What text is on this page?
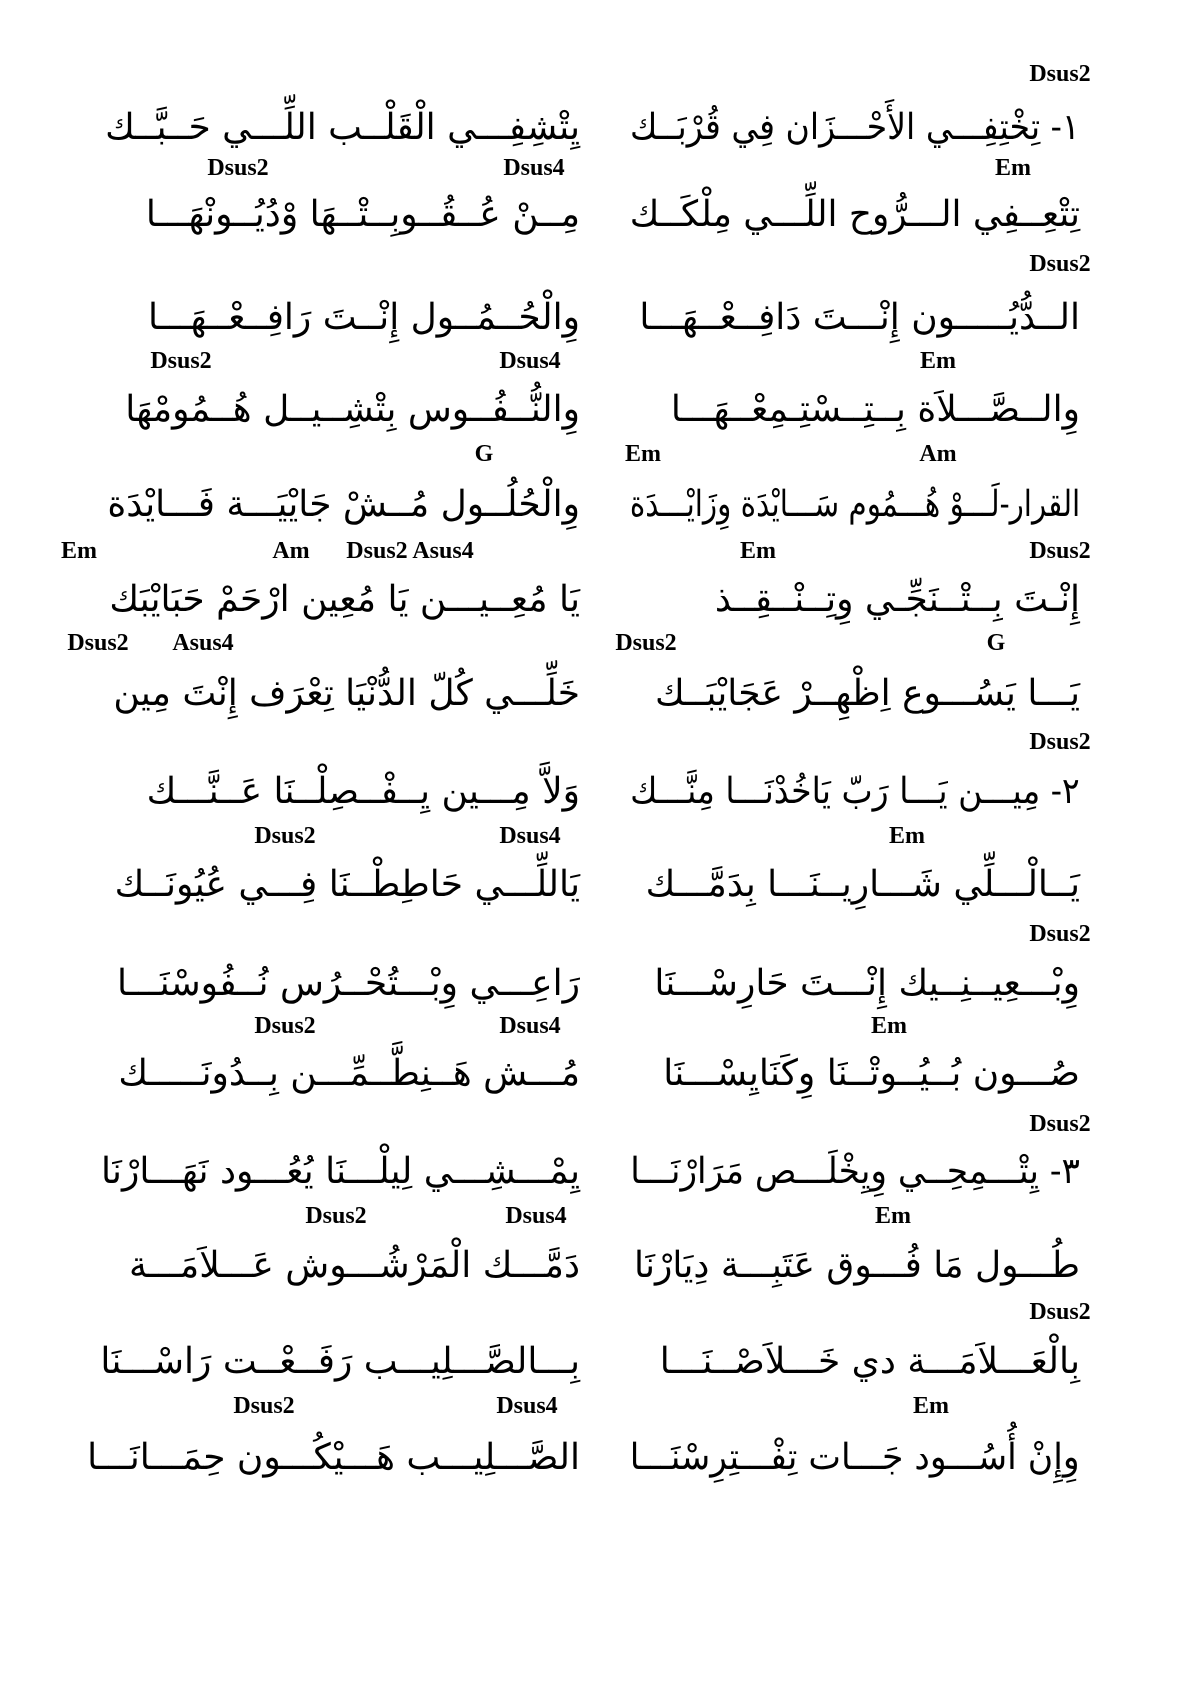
Dsus2
١- تِخْتِفِـــي الأَحْـــزَان فِي قُرْبَــك
يِتْشِفِـــي الْقَلْــب اللِّـــي حَــبَّــك
Dsus2	Dsus4	Em
تِتْعِــفِي الـــرُّوح اللِّـــي مِلْكَــك
مِــنْ عُــقُــوبِــتْــهَا وْدُيُــونْهَـــا
Dsus2
الــدُّيُـــــون إِنْـــتَ دَافِــعْــهَـــا
وِالْحُــمُــول إِنْــتَ رَافِــعْــهَـــا
Dsus2	Dsus4	Em
وِالــصَّـــلاَة بِــتِــسْتِـمِعْــهَـــا
وِالنُّــفُــوس بِتْشِــيــل هُــمُومْهَا
G	Em	Am
القرار-لَـــوْ هُـــمُوم سَـــايْدَة وِزَايْـــدَة
وِالْحُلُــول مُــشْ جَايْيَـــة فَـــايْدَة
Em	Am Dsus2 Asus4	Em	Dsus2
إِنْـتَ بِــتْــنَجِّـي وِتِــنْــقِــذ
يَا مُعِــيـــن يَا مُعِين ارْحَمْ حَبَايْبَك
Dsus2 Asus4	Dsus2	G
يَـــا يَسُـــوع اِظْهِــرْ عَجَايْبَــك
خَلِّـــي كُلّ الدُّنْيَا تِعْرَف إِنْتَ مِين
Dsus2
٢- مِيـــن يَـــا رَبّ يَاخُدْنَـــا مِنَّـــك
وَلاَّ مِـــين يِــفْــصِلْــنَا عَــنَّـــك
Dsus2	Dsus4	Em
يَــالْـــلِّي شَـــارِيــنَـــا بِدَمَّـــك
يَاللِّـــي حَاطِطْــنَا فِـــي عُيُونَــك
Dsus2
وِبْـــعِيــنِــيك إِنْـــتَ حَارِسْـــنَا
رَاعِـــي وِبْـــتُحْــرُس نُــفُوسْنَـــا
Dsus2	Dsus4	Em
صُـــون بُــيُــوتْــنَا وِكَنَايِسْـــنَا
مُـــش هَــنِطَّــمِّـــن بِــدُونَـــــك
Dsus2
٣- يِتْـــمِحِــي وِيِخْلَـــص مَرَارْنَـــا
يِمْـــشِـــي لِيلْـــنَا يُعُـــود نَهَـــارْنَا
Dsus2	Dsus4	Em
طُـــول مَا فُـــوق عَتَبِـــة دِيَارْنَا
دَمَّـــك الْمَرْشُـــوش عَـــلاَمَـــة
Dsus2
بِالْعَـــلاَمَـــة دي خَـــلاَصْــنَـــا
بِـــالصَّـــلِيـــب رَفَــعْــت رَاسْـــنَا
Dsus2	Dsus4	Em
وِإِنْ أُسُـــود جَـــات تِفْـــتِرِسْنَـــا
الصَّـــلِيـــب هَـــيْكُـــون حِمَـــانَـــا
